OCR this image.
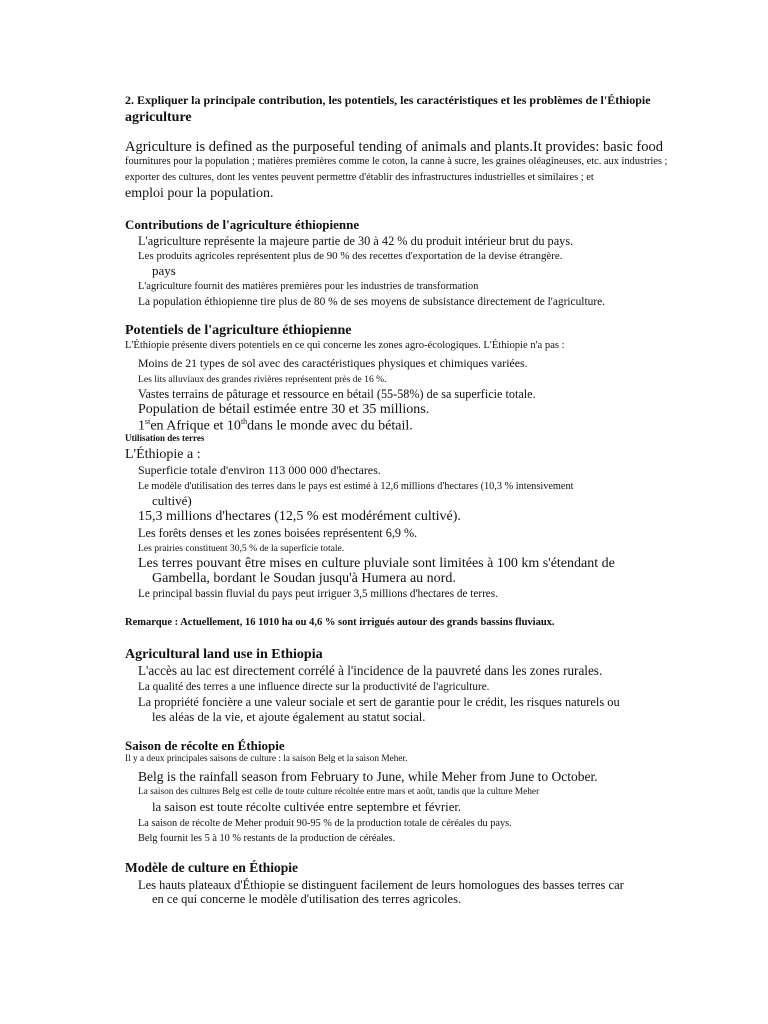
2. Expliquer la principale contribution, les potentiels, les caractéristiques et les problèmes de l'Éthiopie
agriculture
Agriculture is defined as the purposeful tending of animals and plants.It provides: basic food
fournitures pour la population ; matières premières comme le coton, la canne à sucre, les graines oléagineuses, etc. aux industries ;
exporter des cultures, dont les ventes peuvent permettre d'établir des infrastructures industrielles et similaires ; et
emploi pour la population.
Contributions de l'agriculture éthiopienne
L'agriculture représente la majeure partie de 30 à 42 % du produit intérieur brut du pays.
Les produits agricoles représentent plus de 90 % des recettes d'exportation de la devise étrangère.
pays
L'agriculture fournit des matières premières pour les industries de transformation
La population éthiopienne tire plus de 80 % de ses moyens de subsistance directement de l'agriculture.
Potentiels de l'agriculture éthiopienne
L'Éthiopie présente divers potentiels en ce qui concerne les zones agro-écologiques. L'Éthiopie n'a pas :
Moins de 21 types de sol avec des caractéristiques physiques et chimiques variées.
Les lits alluviaux des grandes rivières représentent près de 16 %.
Vastes terrains de pâturage et ressource en bétail (55-58%) de sa superficie totale.
Population de bétail estimée entre 30 et 35 millions.
1sten Afrique et 10thdans le monde avec du bétail.
Utilisation des terres
L'Éthiopie a :
Superficie totale d'environ 113 000 000 d'hectares.
Le modèle d'utilisation des terres dans le pays est estimé à 12,6 millions d'hectares (10,3 % intensivement
cultivé)
15,3 millions d'hectares (12,5 % est modérément cultivé).
Les forêts denses et les zones boisées représentent 6,9 %.
Les prairies constituent 30,5 % de la superficie totale.
Les terres pouvant être mises en culture pluviale sont limitées à 100 km s'étendant de
Gambella, bordant le Soudan jusqu'à Humera au nord.
Le principal bassin fluvial du pays peut irriguer 3,5 millions d'hectares de terres.
Remarque : Actuellement, 16 1010 ha ou 4,6 % sont irrigués autour des grands bassins fluviaux.
Agricultural land use in Ethiopia
L'accès au lac est directement corrélé à l'incidence de la pauvreté dans les zones rurales.
La qualité des terres a une influence directe sur la productivité de l'agriculture.
La propriété foncière a une valeur sociale et sert de garantie pour le crédit, les risques naturels ou
les aléas de la vie, et ajoute également au statut social.
Saison de récolte en Éthiopie
Il y a deux principales saisons de culture : la saison Belg et la saison Meher.
Belg is the rainfall season from February to June, while Meher from June to October.
La saison des cultures Belg est celle de toute culture récoltée entre mars et août, tandis que la culture Meher
la saison est toute récolte cultivée entre septembre et février.
La saison de récolte de Meher produit 90-95 % de la production totale de céréales du pays.
Belg fournit les 5 à 10 % restants de la production de céréales.
Modèle de culture en Éthiopie
Les hauts plateaux d'Éthiopie se distinguent facilement de leurs homologues des basses terres car
en ce qui concerne le modèle d'utilisation des terres agricoles.
